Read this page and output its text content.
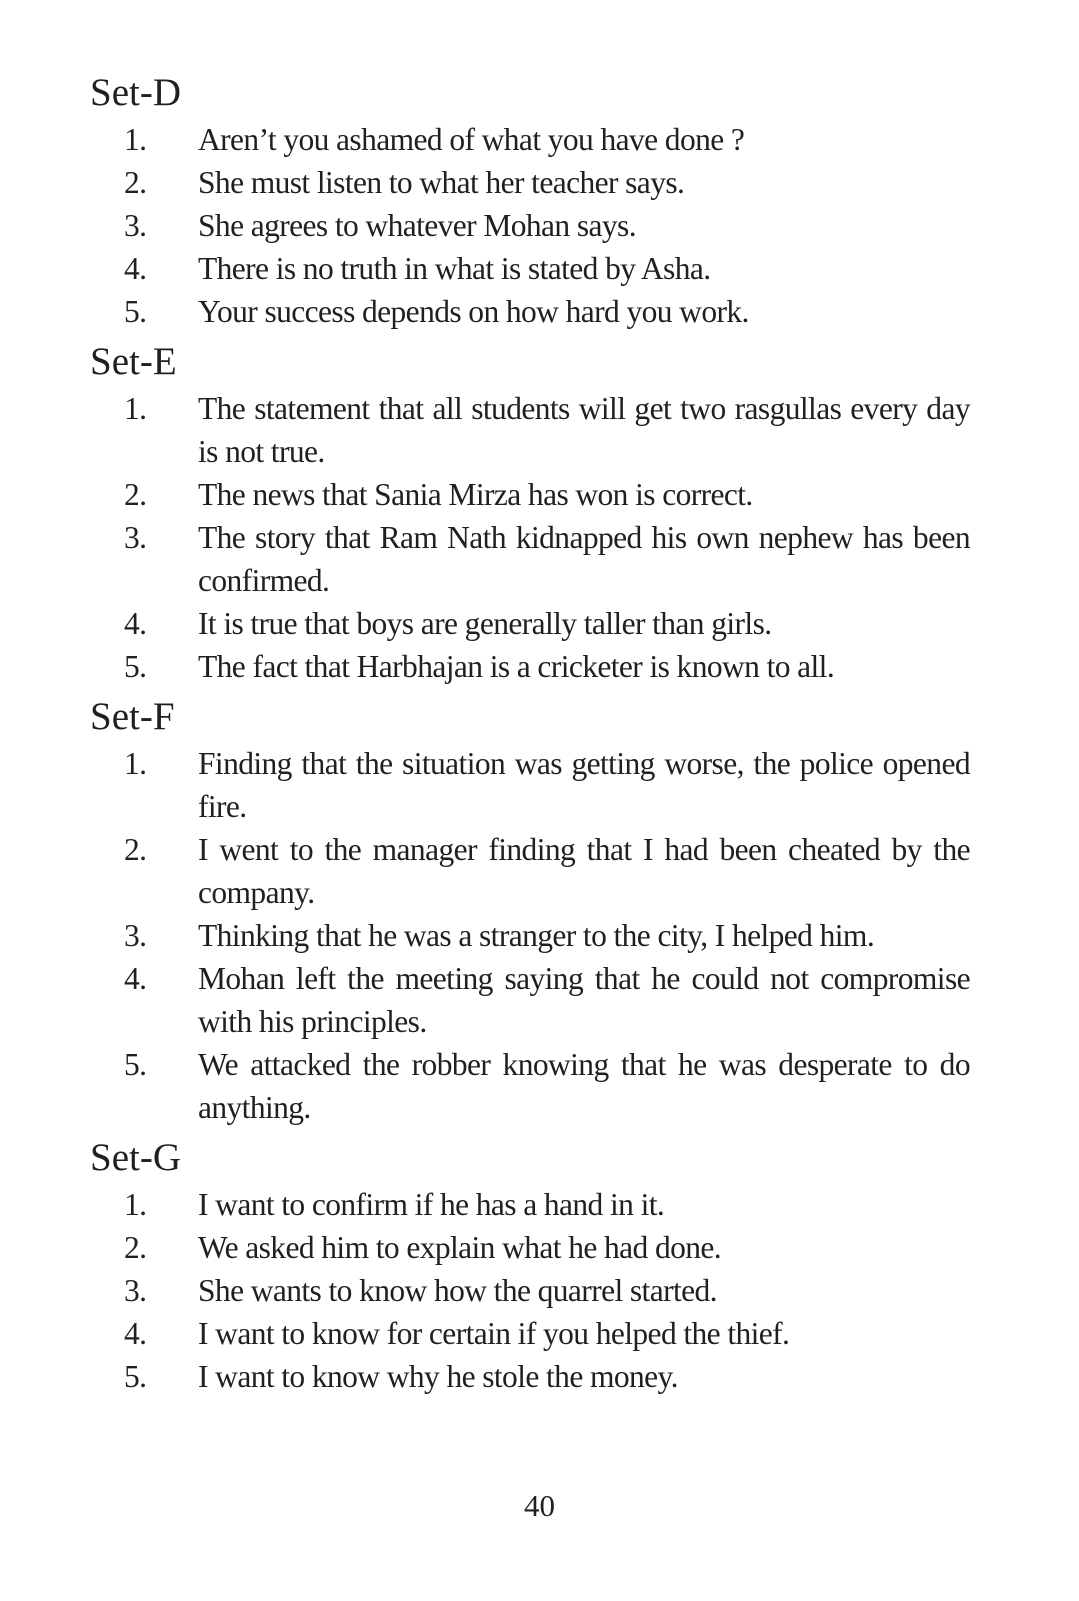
Set-D
1.	Aren’t you ashamed of what you have done ?
2.	She must listen to what her teacher says.
3.	She agrees to whatever Mohan says.
4.	There is no truth in what is stated by Asha.
5.	Your success depends on how hard you work.
Set-E
1.	The statement that all students will get two rasgullas every day is not true.
2.	The news that Sania Mirza has won is correct.
3.	The story that Ram Nath kidnapped his own nephew has been confirmed.
4.	It is true that boys are generally taller than girls.
5.	The fact that Harbhajan is a cricketer is known to all.
Set-F
1.	Finding that the situation was getting worse, the police opened fire.
2.	I went to the manager finding that I had been cheated by the company.
3.	Thinking that he was a stranger to the city, I helped him.
4.	Mohan left the meeting saying that he could not compromise with his principles.
5.	We attacked the robber knowing that he was desperate to do anything.
Set-G
1.	I want to confirm if he has a hand in it.
2.	We asked him to explain what he had done.
3.	She wants to know how the quarrel started.
4.	I want to know for certain if you helped the thief.
5.	I want to know why he stole the money.
40
